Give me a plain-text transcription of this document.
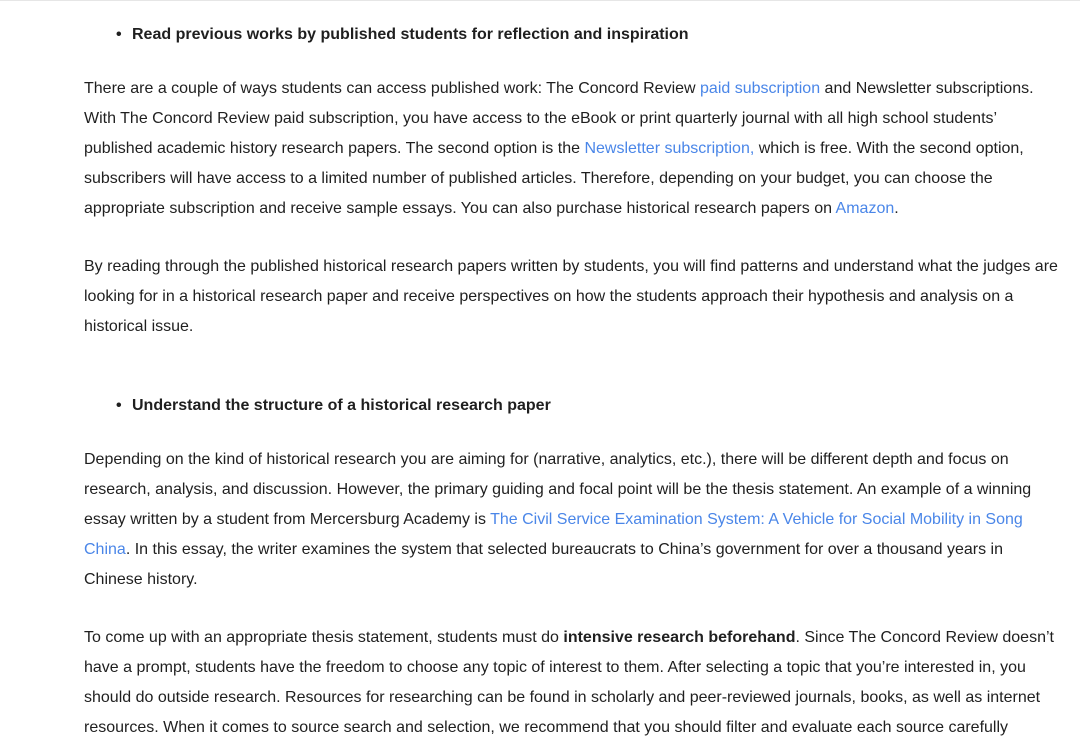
• Read previous works by published students for reflection and inspiration

There are a couple of ways students can access published work: The Concord Review paid subscription and Newsletter subscriptions. With The Concord Review paid subscription, you have access to the eBook or print quarterly journal with all high school students’ published academic history research papers. The second option is the Newsletter subscription, which is free. With the second option, subscribers will have access to a limited number of published articles. Therefore, depending on your budget, you can choose the appropriate subscription and receive sample essays. You can also purchase historical research papers on Amazon.

By reading through the published historical research papers written by students, you will find patterns and understand what the judges are looking for in a historical research paper and receive perspectives on how the students approach their hypothesis and analysis on a historical issue.

• Understand the structure of a historical research paper

Depending on the kind of historical research you are aiming for (narrative, analytics, etc.), there will be different depth and focus on research, analysis, and discussion. However, the primary guiding and focal point will be the thesis statement. An example of a winning essay written by a student from Mercersburg Academy is The Civil Service Examination System: A Vehicle for Social Mobility in Song China. In this essay, the writer examines the system that selected bureaucrats to China’s government for over a thousand years in Chinese history.

To come up with an appropriate thesis statement, students must do intensive research beforehand. Since The Concord Review doesn’t have a prompt, students have the freedom to choose any topic of interest to them. After selecting a topic that you’re interested in, you should do outside research. Resources for researching can be found in scholarly and peer-reviewed journals, books, as well as internet resources. When it comes to source search and selection, we recommend that you should filter and evaluate each source carefully
